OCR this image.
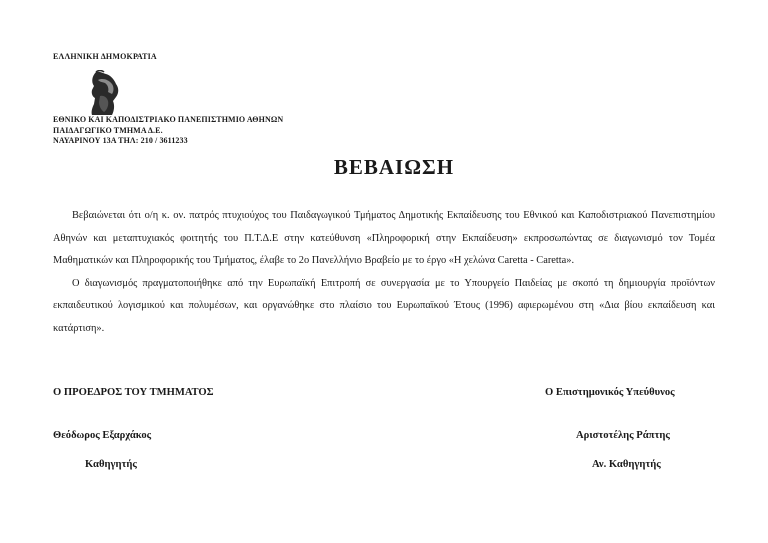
ΕΛΛΗΝΙΚΗ ΔΗΜΟΚΡΑΤΙΑ
ΕΘΝΙΚΟ ΚΑΙ ΚΑΠΟΔΙΣΤΡΙΑΚΟ ΠΑΝΕΠΙΣΤΗΜΙΟ ΑΘΗΝΩΝ
ΠΑΙΔΑΓΩΓΙΚΟ ΤΜΗΜΑ Δ.Ε.
ΝΑΥΑΡΙΝΟΥ 13Α ΤΗΛ: 210 / 3611233
ΒΕΒΑΙΩΣΗ

Βεβαιώνεται ότι ο/η κ. ον. πατρός πτυχιούχος του Παιδαγωγικού Τμήματος Δημοτικής Εκπαίδευσης του Εθνικού και Καποδιστριακού Πανεπιστημίου Αθηνών και μεταπτυχιακός φοιτητής του Π.Τ.Δ.Ε στην κατεύθυνση «Πληροφορική στην Εκπαίδευση» εκπροσωπώντας σε διαγωνισμό τον Τομέα Μαθηματικών και Πληροφορικής του Τμήματος, έλαβε το 2ο Πανελλήνιο Βραβείο με το έργο «Η χελώνα Caretta - Caretta».

Ο διαγωνισμός πραγματοποιήθηκε από την Ευρωπαϊκή Επιτροπή σε συνεργασία με το Υπουργείο Παιδείας με σκοπό τη δημιουργία προϊόντων εκπαιδευτικού λογισμικού και πολυμέσων, και οργανώθηκε στο πλαίσιο του Ευρωπαϊκού Έτους (1996) αφιερωμένου στη «Δια βίου εκπαίδευση και κατάρτιση».

Ο ΠΡΟΕΔΡΟΣ ΤΟΥ ΤΜΗΜΑΤΟΣ	Ο Επιστημονικός Υπεύθυνος
Θεόδωρος Εξαρχάκος	Αριστοτέλης Ράπτης
Καθηγητής	Αν. Καθηγητής
